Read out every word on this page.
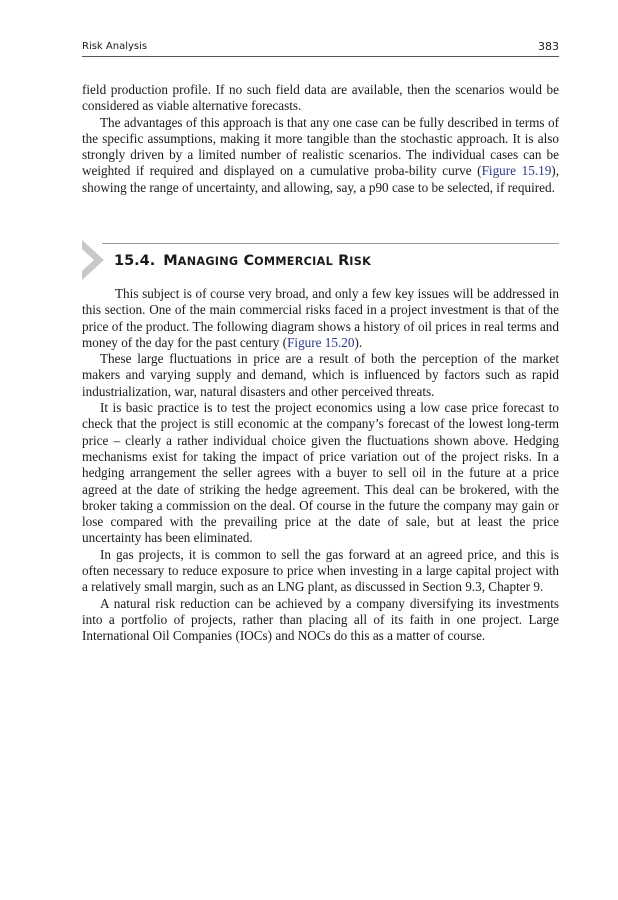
Risk Analysis	383

field production profile. If no such field data are available, then the scenarios would be considered as viable alternative forecasts.

The advantages of this approach is that any one case can be fully described in terms of the specific assumptions, making it more tangible than the stochastic approach. It is also strongly driven by a limited number of realistic scenarios. The individual cases can be weighted if required and displayed on a cumulative proba-bility curve (Figure 15.19), showing the range of uncertainty, and allowing, say, a p90 case to be selected, if required.

15.4. MANAGING COMMERCIAL RISK

This subject is of course very broad, and only a few key issues will be addressed in this section. One of the main commercial risks faced in a project investment is that of the price of the product. The following diagram shows a history of oil prices in real terms and money of the day for the past century (Figure 15.20).

These large fluctuations in price are a result of both the perception of the market makers and varying supply and demand, which is influenced by factors such as rapid industrialization, war, natural disasters and other perceived threats.

It is basic practice is to test the project economics using a low case price forecast to check that the project is still economic at the company’s forecast of the lowest long-term price – clearly a rather individual choice given the fluctuations shown above. Hedging mechanisms exist for taking the impact of price variation out of the project risks. In a hedging arrangement the seller agrees with a buyer to sell oil in the future at a price agreed at the date of striking the hedge agreement. This deal can be brokered, with the broker taking a commission on the deal. Of course in the future the company may gain or lose compared with the prevailing price at the date of sale, but at least the price uncertainty has been eliminated.

In gas projects, it is common to sell the gas forward at an agreed price, and this is often necessary to reduce exposure to price when investing in a large capital project with a relatively small margin, such as an LNG plant, as discussed in Section 9.3, Chapter 9.

A natural risk reduction can be achieved by a company diversifying its investments into a portfolio of projects, rather than placing all of its faith in one project. Large International Oil Companies (IOCs) and NOCs do this as a matter of course.
